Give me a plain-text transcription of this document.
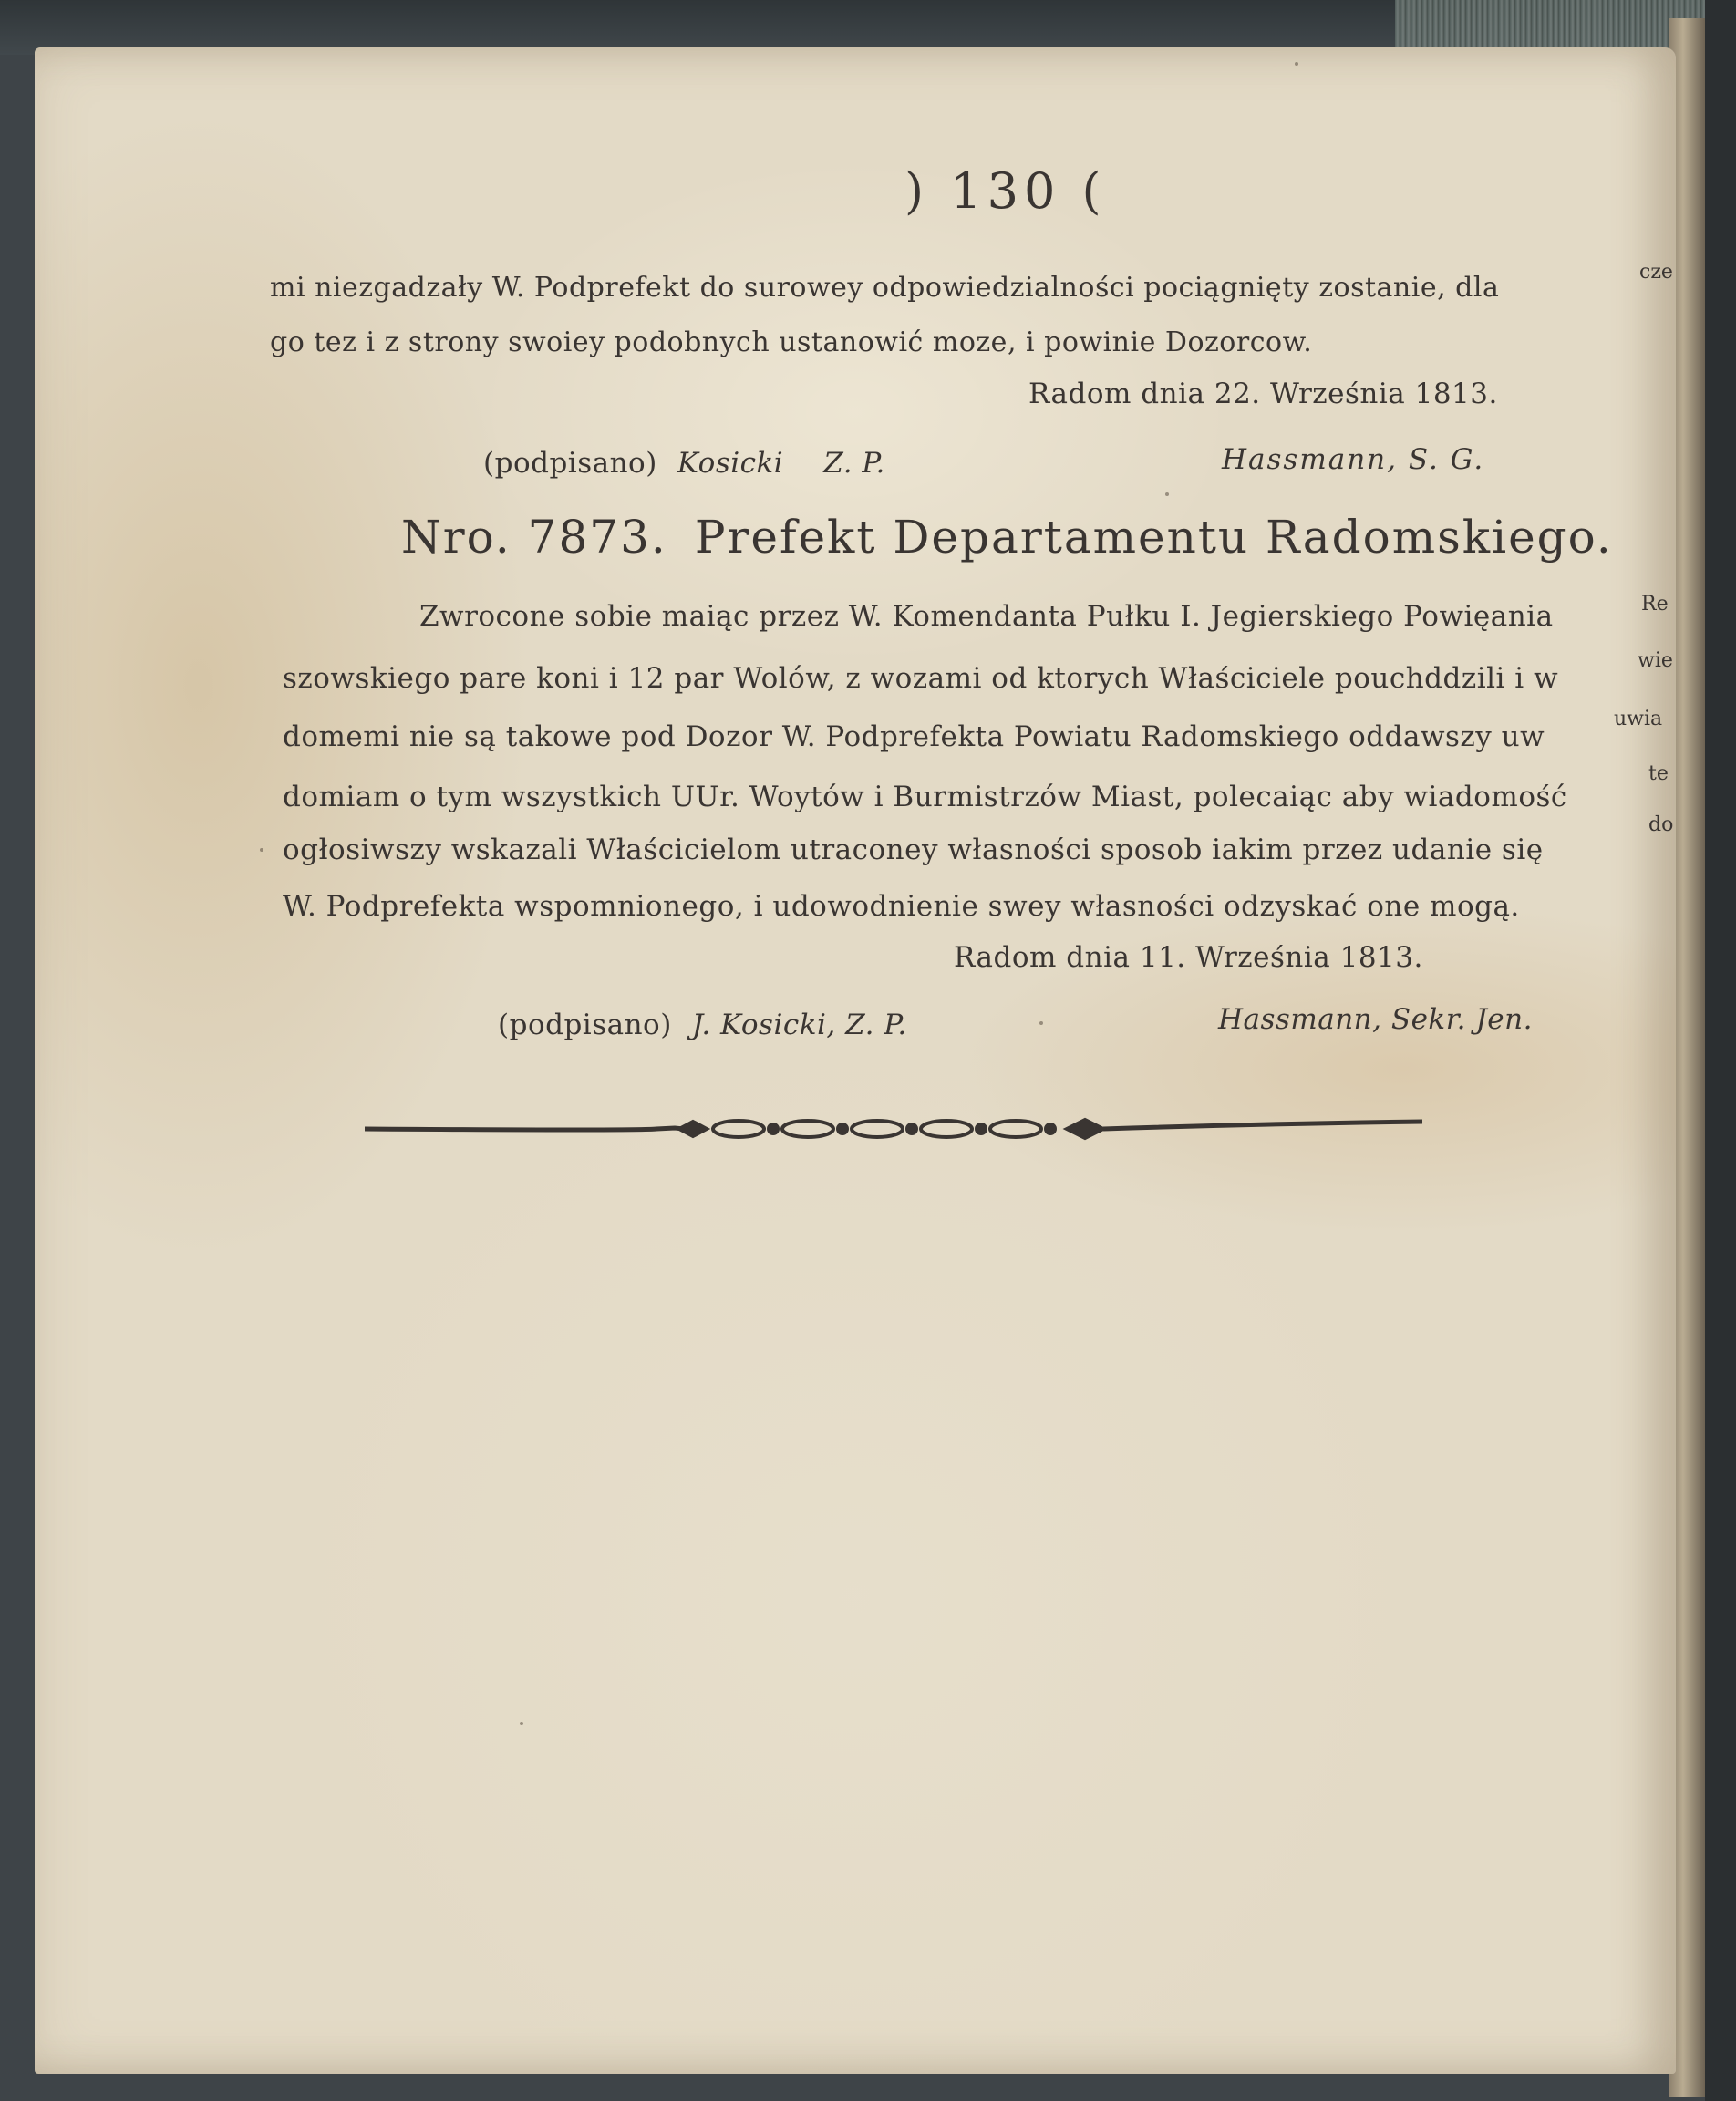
) 130 (
mi niezgadzały W. Podprefekt do surowey odpowiedzialności pociągnięty zostanie, dla
go tez i z strony swoiey podobnych ustanowić moze, i powinie Dozorcow.
Radom dnia 22. Września 1813.
(podpisano) Kosicki Z. P.	Hassmann, S. G.
Nro. 7873. Prefekt Departamentu Radomskiego.
Zwrocone sobie maiąc przez W. Komendanta Pułku I. Jegierskiego Powięania
szowskiego pare koni i 12 par Wolów, z wozami od ktorych Właściciele pouchddzili i w
domemi nie są takowe pod Dozor W. Podprefekta Powiatu Radomskiego oddawszy uw
domiam o tym wszystkich UUr. Woytów i Burmistrzów Miast, polecaiąc aby wiadomość
ogłosiwszy wskazali Właścicielom utraconey własności sposob iakim przez udanie się
W. Podprefekta wspomnionego, i udowodnienie swey własności odzyskać one mogą.
Radom dnia 11. Września 1813.
(podpisano) J. Kosicki, Z. P.	Hassmann, Sekr. Jen.
cze
Re
wie
uwia
te
do
